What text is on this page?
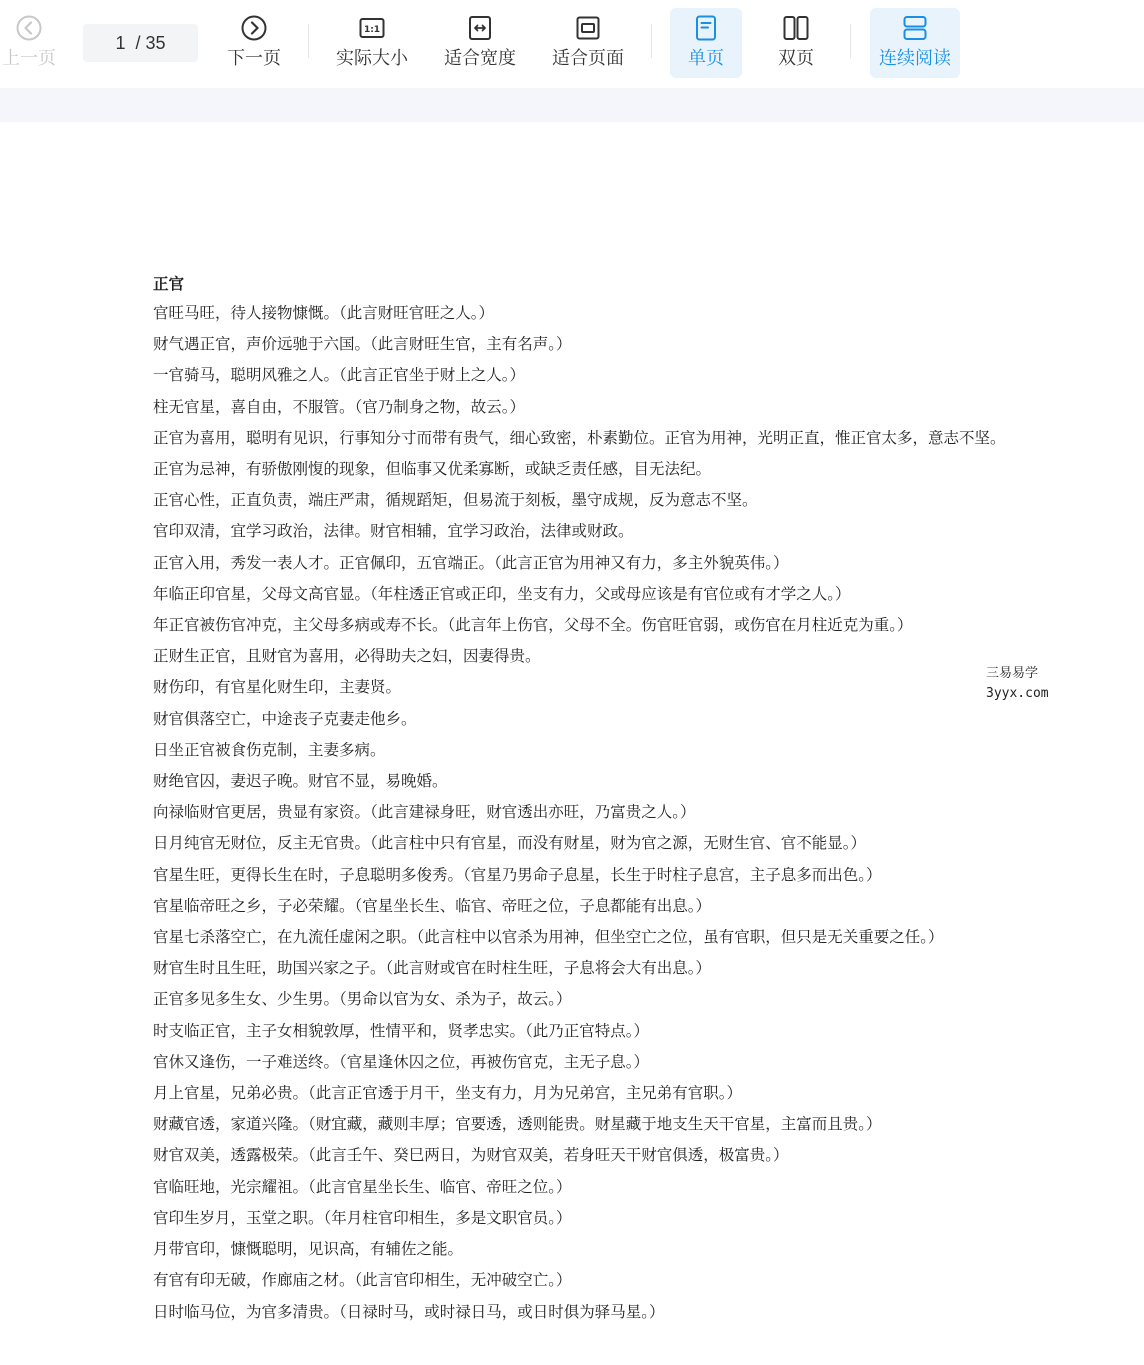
上一页
1  / 35
下一页
1:1
实际大小 适合宽度 适合页面	单页	双页	连续阅读
正官
官旺马旺，待人接物慷慨。（此言财旺官旺之人。）
财气遇正官，声价远驰于六国。（此言财旺生官，主有名声。）
一官骑马，聪明风雅之人。（此言正官坐于财上之人。）
柱无官星，喜自由，不服管。（官乃制身之物，故云。）
正官为喜用，聪明有见识，行事知分寸而带有贵气，细心致密，朴素勤位。正官为用神，光明正直，惟正官太多，意志不坚。
正官为忌神，有骄傲刚愎的现象，但临事又优柔寡断，或缺乏责任感，目无法纪。
正官心性，正直负责，端庄严肃，循规蹈矩，但易流于刻板，墨守成规，反为意志不坚。
官印双清，宜学习政治，法律。财官相辅，宜学习政治，法律或财政。
正官入用，秀发一表人才。正官佩印，五官端正。（此言正官为用神又有力，多主外貌英伟。）
年临正印官星，父母文高官显。（年柱透正官或正印，坐支有力，父或母应该是有官位或有才学之人。）
年正官被伤官冲克，主父母多病或寿不长。（此言年上伤官，父母不全。伤官旺官弱，或伤官在月柱近克为重。）
正财生正官，且财官为喜用，必得助夫之妇，因妻得贵。
财伤印，有官星化财生印，主妻贤。
财官俱落空亡，中途丧子克妻走他乡。
日坐正官被食伤克制，主妻多病。
财绝官囚，妻迟子晚。财官不显，易晚婚。
向禄临财官更居，贵显有家资。（此言建禄身旺，财官透出亦旺，乃富贵之人。）
日月纯官无财位，反主无官贵。（此言柱中只有官星，而没有财星，财为官之源，无财生官、官不能显。）
官星生旺，更得长生在时，子息聪明多俊秀。（官星乃男命子息星，长生于时柱子息宫，主子息多而出色。）
官星临帝旺之乡，子必荣耀。（官星坐长生、临官、帝旺之位，子息都能有出息。）
官星七杀落空亡，在九流任虚闲之职。（此言柱中以官杀为用神，但坐空亡之位，虽有官职，但只是无关重要之任。）
财官生时且生旺，助国兴家之子。（此言财或官在时柱生旺，子息将会大有出息。）
正官多见多生女、少生男。（男命以官为女、杀为子，故云。）
时支临正官，主子女相貌敦厚，性情平和，贤孝忠实。（此乃正官特点。）
官休又逢伤，一子难送终。（官星逢休囚之位，再被伤官克，主无子息。）
月上官星，兄弟必贵。（此言正官透于月干，坐支有力，月为兄弟宫，主兄弟有官职。）
财藏官透，家道兴隆。（财宜藏，藏则丰厚；官要透，透则能贵。财星藏于地支生天干官星，主富而且贵。）
财官双美，透露极荣。（此言壬午、癸巳两日，为财官双美，若身旺天干财官俱透，极富贵。）
官临旺地，光宗耀祖。（此言官星坐长生、临官、帝旺之位。）
官印生岁月，玉堂之职。（年月柱官印相生，多是文职官员。）
月带官印，慷慨聪明，见识高，有辅佐之能。
有官有印无破，作廊庙之材。（此言官印相生，无冲破空亡。）
日时临马位，为官多清贵。（日禄时马，或时禄日马，或日时俱为驿马星。）
三易易学
3yyx.com
